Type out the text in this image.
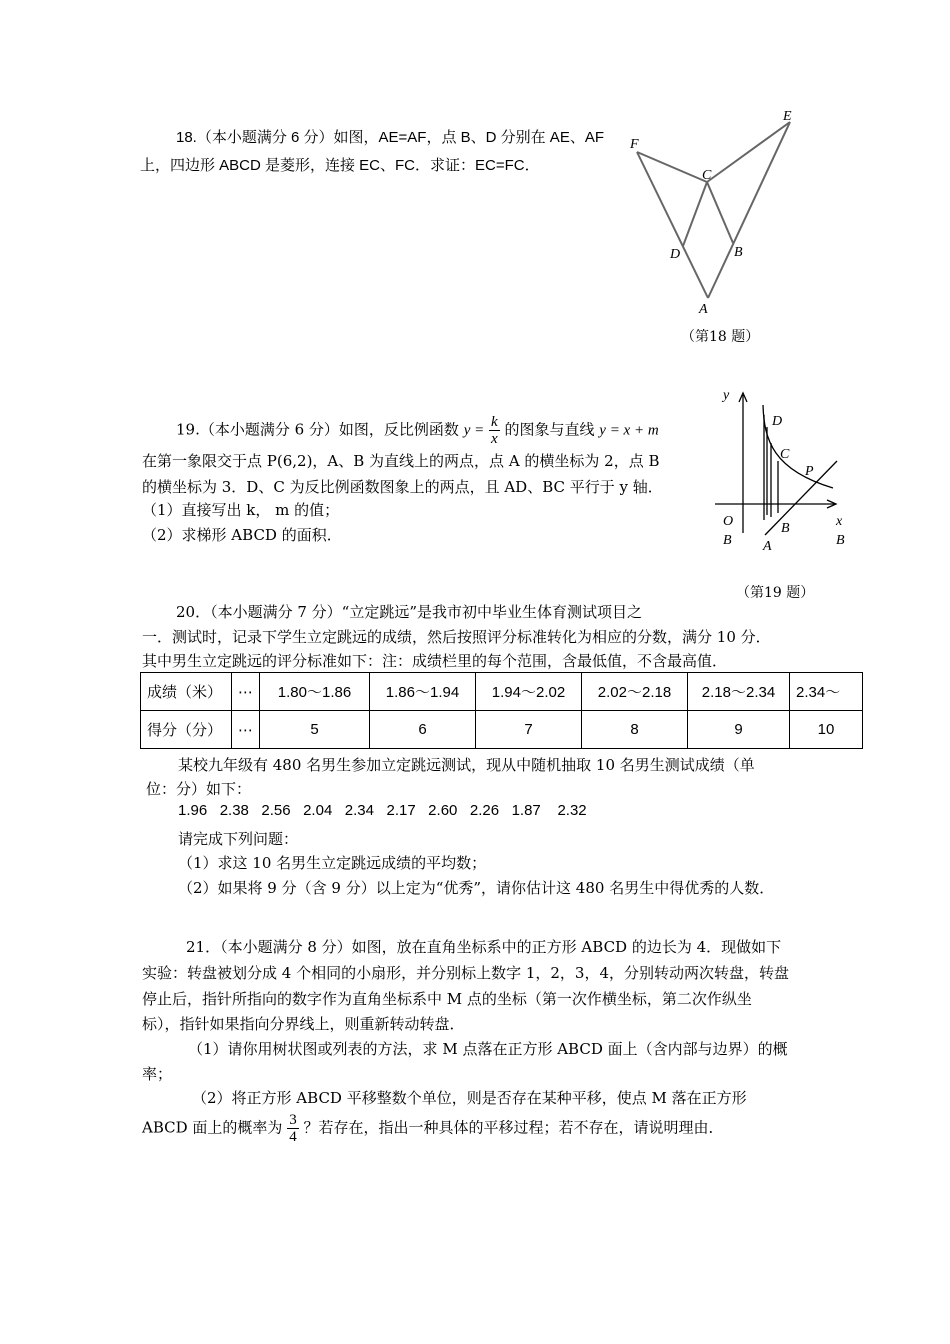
18.（本小题满分 6 分）如图，AE=AF，点 B、D 分别在 AE、AF
上，四边形 ABCD 是菱形，连接 EC、FC．求证：EC=FC．
E
F
C
D	B
A
（第18 题）
19.（本小题满分 6 分）如图，反比例函数 $y = \frac{k}{x}$ 的图象与直线 y = x + m
在第一象限交于点 P(6,2)，A、B 为直线上的两点，点 A 的横坐标为 2，点 B
的横坐标为 3．D、C 为反比例函数图象上的两点，且 AD、BC 平行于 y 轴．
（1）直接写出 k， m 的值；
（2）求梯形 ABCD 的面积．
y
x
O
D
C
P
B
A
B	B
（第19 题）
20．（本小题满分 7 分）“立定跳远”是我市初中毕业生体育测试项目之
一．测试时，记录下学生立定跳远的成绩，然后按照评分标准转化为相应的分数，满分 10 分．
其中男生立定跳远的评分标准如下：注：成绩栏里的每个范围，含最低值，不含最高值．
成绩（米）	⋯	1.80～1.86	1.86～1.94	1.94～2.02	2.02～2.18	2.18～2.34	2.34～
得分（分）	⋯	5	6	7	8	9	10
某校九年级有 480 名男生参加立定跳远测试，现从中随机抽取 10 名男生测试成绩（单
位：分）如下：
1.96   2.38   2.56   2.04   2.34   2.17   2.60   2.26   1.87    2.32
请完成下列问题：
（1）求这 10 名男生立定跳远成绩的平均数；
（2）如果将 9 分（含 9 分）以上定为“优秀”，请你估计这 480 名男生中得优秀的人数．
21．（本小题满分 8 分）如图，放在直角坐标系中的正方形 ABCD 的边长为 4．现做如下
实验：转盘被划分成 4 个相同的小扇形，并分别标上数字 1，2，3，4，分别转动两次转盘，转盘
停止后，指针所指向的数字作为直角坐标系中 M 点的坐标（第一次作横坐标，第二次作纵坐
标），指针如果指向分界线上，则重新转动转盘．
（1）请你用树状图或列表的方法，求 M 点落在正方形 ABCD 面上（含内部与边界）的概
率；
（2）将正方形 ABCD 平移整数个单位，则是否存在某种平移，使点 M 落在正方形
ABCD 面上的概率为 $\frac{3}{4}$ ？若存在，指出一种具体的平移过程；若不存在，请说明理由．
